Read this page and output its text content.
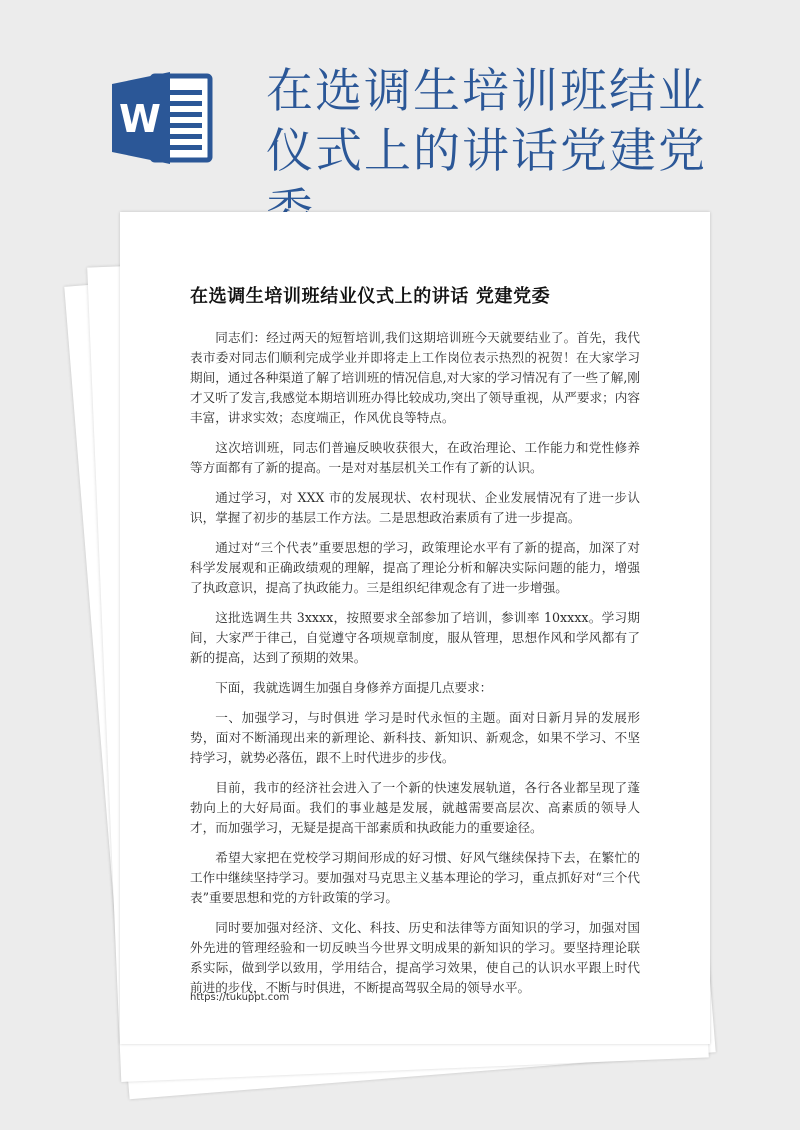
W 在选调生培训班结业仪式上的讲话党建党
在选调生培训班结业仪式上的讲话 党建党委

同志们：经过两天的短暂培训,我们这期培训班今天就要结业了。首先，我代表市委对同志们顺利完成学业并即将走上工作岗位表示热烈的祝贺！在大家学习期间，通过各种渠道了解了培训班的情况信息,对大家的学习情况有了一些了解,刚才又听了发言,我感觉本期培训班办得比较成功,突出了领导重视，从严要求；内容丰富，讲求实效；态度端正，作风优良等特点。

这次培训班，同志们普遍反映收获很大，在政治理论、工作能力和党性修养等方面都有了新的提高。一是对对基层机关工作有了新的认识。

通过学习，对 XXX 市的发展现状、农村现状、企业发展情况有了进一步认识，掌握了初步的基层工作方法。二是思想政治素质有了进一步提高。

通过对“三个代表”重要思想的学习，政策理论水平有了新的提高，加深了对科学发展观和正确政绩观的理解，提高了理论分析和解决实际问题的能力，增强了执政意识，提高了执政能力。三是组织纪律观念有了进一步增强。

这批选调生共 3xxxx，按照要求全部参加了培训，参训率 10xxxx。学习期间，大家严于律己，自觉遵守各项规章制度，服从管理，思想作风和学风都有了新的提高，达到了预期的效果。

下面，我就选调生加强自身修养方面提几点要求：

一、加强学习，与时俱进 学习是时代永恒的主题。面对日新月异的发展形势，面对不断涌现出来的新理论、新科技、新知识、新观念，如果不学习、不坚持学习，就势必落伍，跟不上时代进步的步伐。

目前，我市的经济社会进入了一个新的快速发展轨道，各行各业都呈现了蓬勃向上的大好局面。我们的事业越是发展，就越需要高层次、高素质的领导人才，而加强学习，无疑是提高干部素质和执政能力的重要途径。

希望大家把在党校学习期间形成的好习惯、好风气继续保持下去，在繁忙的工作中继续坚持学习。要加强对马克思主义基本理论的学习，重点抓好对“三个代表”重要思想和党的方针政策的学习。

同时要加强对经济、文化、科技、历史和法律等方面知识的学习，加强对国外先进的管理经验和一切反映当今世界文明成果的新知识的学习。要坚持理论联系实际，做到学以致用，学用结合，提高学习效果，使自己的认识水平跟上时代前进的步伐，不断与时俱进，不断提高驾驭全局的领导水平。

https://tukuppt.com
